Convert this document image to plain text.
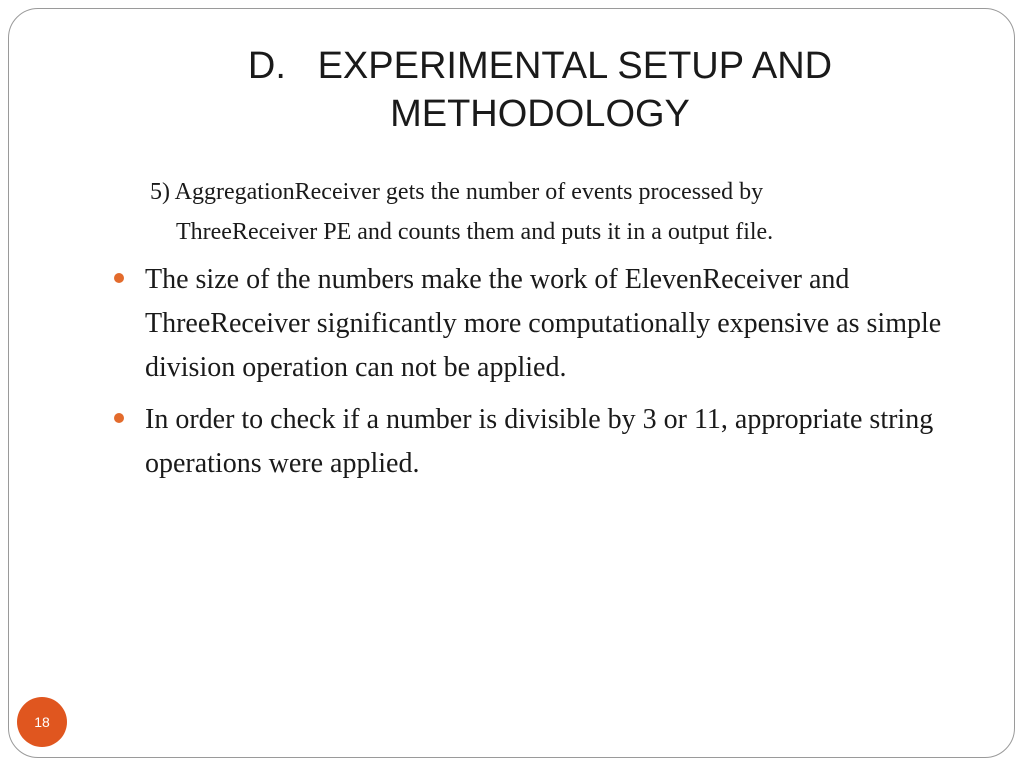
D.   EXPERIMENTAL SETUP AND
METHODOLOGY

5) AggregationReceiver gets the number of events processed by
ThreeReceiver PE and counts them and puts it in a output file.

The size of the numbers make the work of ElevenReceiver and ThreeReceiver significantly more computationally expensive as simple division operation can not be applied.
In order to check if a number is divisible by 3 or 11, appropriate string operations were applied.
18
